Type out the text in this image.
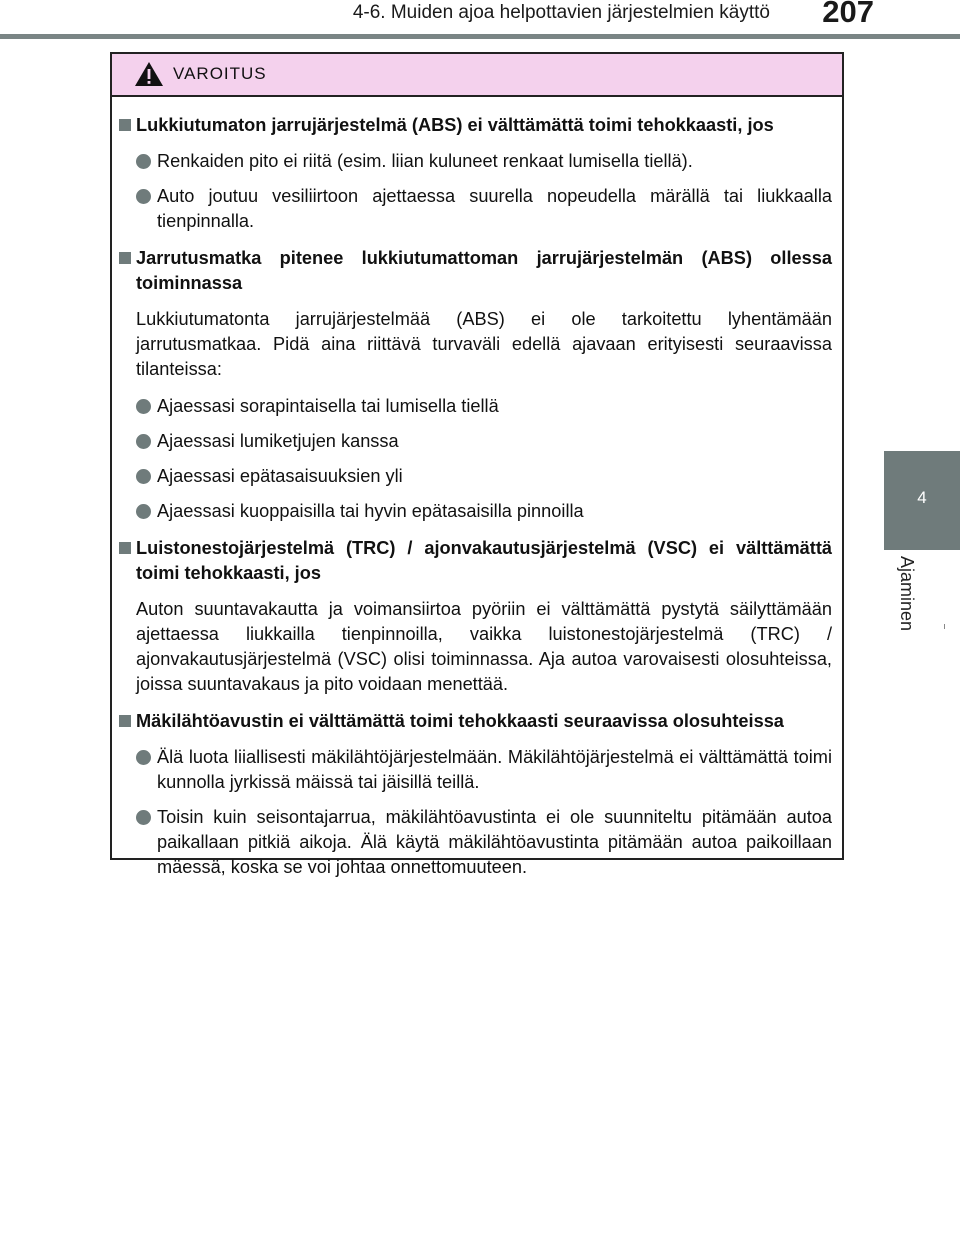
4-6. Muiden ajoa helpottavien järjestelmien käyttö 207
4
Ajaminen
VAROITUS
Lukkiutumaton jarrujärjestelmä (ABS) ei välttämättä toimi tehokkaasti, jos
Renkaiden pito ei riitä (esim. liian kuluneet renkaat lumisella tiellä).
Auto joutuu vesiliirtoon ajettaessa suurella nopeudella märällä tai liukkaalla tienpinnalla.
Jarrutusmatka pitenee lukkiutumattoman jarrujärjestelmän (ABS) ollessa toiminnassa
Lukkiutumatonta jarrujärjestelmää (ABS) ei ole tarkoitettu lyhentämään jarrutusmatkaa. Pidä aina riittävä turvaväli edellä ajavaan erityisesti seuraavissa tilanteissa:
Ajaessasi sorapintaisella tai lumisella tiellä
Ajaessasi lumiketjujen kanssa
Ajaessasi epätasaisuuksien yli
Ajaessasi kuoppaisilla tai hyvin epätasaisilla pinnoilla
Luistonestojärjestelmä (TRC) / ajonvakautusjärjestelmä (VSC) ei välttämättä toimi tehokkaasti, jos
Auton suuntavakautta ja voimansiirtoa pyöriin ei välttämättä pystytä säilyttämään ajettaessa liukkailla tienpinnoilla, vaikka luistonestojärjestelmä (TRC) / ajonvakautusjärjestelmä (VSC) olisi toiminnassa. Aja autoa varovaisesti olosuhteissa, joissa suuntavakaus ja pito voidaan menettää.
Mäkilähtöavustin ei välttämättä toimi tehokkaasti seuraavissa olosuhteissa
Älä luota liiallisesti mäkilähtöjärjestelmään. Mäkilähtöjärjestelmä ei välttämättä toimi kunnolla jyrkissä mäissä tai jäisillä teillä.
Toisin kuin seisontajarrua, mäkilähtöavustinta ei ole suunniteltu pitämään autoa paikallaan pitkiä aikoja. Älä käytä mäkilähtöavustinta pitämään autoa paikoillaan mäessä, koska se voi johtaa onnettomuuteen.
